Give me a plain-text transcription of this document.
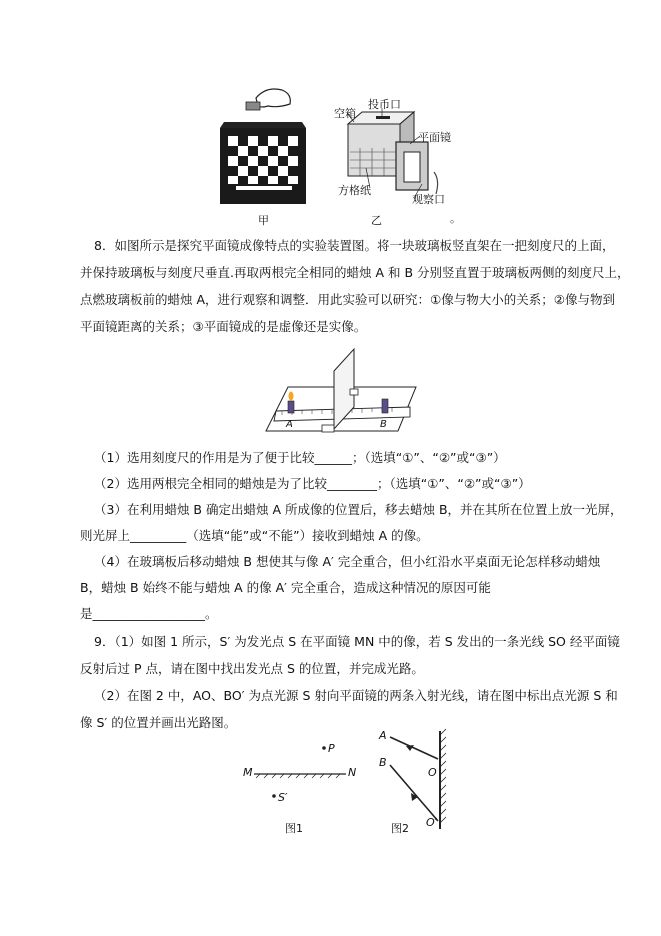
甲
空箱
投币口
平面镜
方格纸
观察口
乙	。
8．如图所示是探究平面镜成像特点的实验装置图。将一块玻璃板竖直架在一把刻度尺的上面，
并保持玻璃板与刻度尺垂直.再取两根完全相同的蜡烛 A 和 B 分别竖直置于玻璃板两侧的刻度尺上，
点燃玻璃板前的蜡烛 A，进行观察和调整．用此实验可以研究：①像与物大小的关系；②像与物到
平面镜距离的关系；③平面镜成的是虚像还是实像。
A	B
（1）选用刻度尺的作用是为了便于比较______；（选填“①”、“②”或“③”）
（2）选用两根完全相同的蜡烛是为了比较________；（选填“①”、“②”或“③”）
（3）在利用蜡烛 B 确定出蜡烛 A 所成像的位置后，移去蜡烛 B，并在其所在位置上放一光屏，
则光屏上_________（选填“能”或“不能”）接收到蜡烛 A 的像。
（4）在玻璃板后移动蜡烛 B 想使其与像 A′ 完全重合，但小红沿水平桌面无论怎样移动蜡烛
B，蜡烛 B 始终不能与蜡烛 A 的像 A′ 完全重合，造成这种情况的原因可能
是__________________。
9．（1）如图 1 所示，S′ 为发光点 S 在平面镜 MN 中的像，若 S 发出的一条光线 SO 经平面镜
反射后过 P 点，请在图中找出发光点 S 的位置，并完成光路。
（2）在图 2 中，AO、BO′ 为点光源 S 射向平面镜的两条入射光线，请在图中标出点光源 S 和
像 S′ 的位置并画出光路图。
M	N
P
S′
图1
A
B
O
O′
图2
